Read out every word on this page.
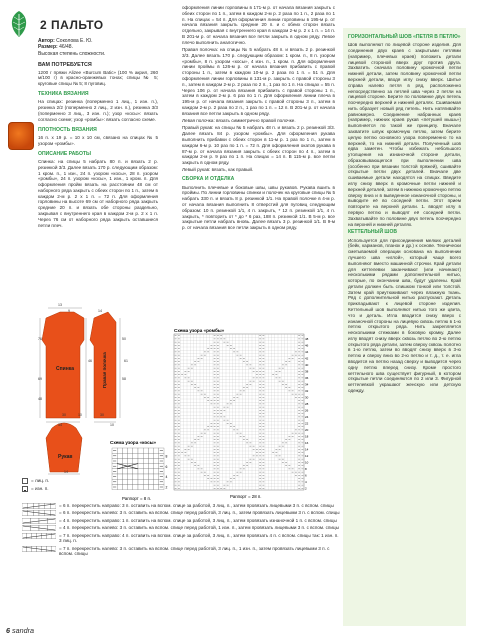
2 ПАЛЬТО
Автор: Соколова Е. Ю.
Размер: 46/48.
Высокая степень сложности.
ВАМ ПОТРЕБУЕТСЯ

1200 г пряжи Alizee «Burcum Batic» (100 % акрил, 260 м/100 г) в красно-оранжевых тонах; спицы № 5; круговые спицы № 5; 8 пуговиц.

ТЕХНИКА ВЯЗАНИЯ

На спицах: резинка (поперменно 1 лиц., 1 изн. п.), резинка 2/2 (поперменно 2 лиц., 2 изн. п.), резинка 3/3 (поперменно 3 лиц., 3 изн. п.); узор «косы»: вязать согласно схеме; узор «ромбы»: вязать согласно схеме.

ПЛОТНОСТЬ ВЯЗАНИЯ

16 п. х 19 р. = 10 х 10 см, связано на спицах № 5 узором «ромбы».

ОПИСАНИЕ РАБОТЫ

Спинка: на спицы 5 набрать 80 п. и вязать 2 р. резинкой 3/3. Далее вязать 170 р. следующим образом: 1 кром. п., 1 изн., 24 п. узором «косы», 28 п. узором «ромбы», 24 п. узором «косы», 1 изн., 1 кром. п. Для оформления пройм вязать на расстоянии 48 см от наборного ряда закрыть с обеих сторон по 1 п., затем в каждом 2-м р. 2 х 1 п. = 72 п. Для оформления горловины на высоте 69 см от наборного ряда закрыть средние 20 п. и вязать обе стороны раздельно, закрывая с внутреннего края в каждом 2-м р. 2 х 1 п. Через 76 см от наборного ряда закрыть оставшиеся петли плеч.

оформления линии горловины в 171-м р. от начала вязания закрыть с обеих сторон по 1 п., затем в каждом 2-м р. 2 раза по 1 п., 2 раза по 1 п. На спицах = 54 п. Для оформления линии горловины в 195-м р. от начала вязания закрыть средние 20 п. и с обеих сторон вязать отдельно, закрывая с внутреннего края в каждом 2-м р. 2 х 1 п. = 14 п. В 201-м р. от начала вязания все петли закрыть в одном ряду. Левое плечо выполнить аналогично.

Правая полочка: на спицы № 5 набрать 48 п. и вязать 2 р. резинкой 3/3. Далее вязать 170 р. следующим образом: 1 кром. п., 8 п. узором «ромбы», 8 п. узором «косы», 4 изн. п., 1 кром. п. Для оформления линии проймы в 126-м р. от начала вязания прибавить с правой стороны 1 п., затем в каждом 10-м р. 2 раза по 1 п. = 51 п. Для оформления линии горловины в 131-м р. закрыть с правой стороны 3 п., затем в каждом 2-м р. 2 раза по 2 п., 1 раз по 1 п. На спицах = 55 п. Через 106 р. от начала вязания прибавить с правой стороны 1 п., затем в каждом 2-м р. 6 раз по 1 п. Для оформления линии плеча в 195-м р. от начала вязания закрыть с правой стороны 3 п., затем в каждом 2-м р. 2 раза по 2 п., 1 раз по 1 п. = 12 п. В 201-м р. от начала вязания все петли закрыть в одном ряду.

Левая полочка: вязать симметрично правой полочке.

Правый рукав: на спицы № 5 набрать 48 п. и вязать 2 р. резинкой 3/3. Далее вязать 84 р. узором «ромбы». Для оформления рукава выполнить прибавки с обеих сторон в 11-м р. 1 раз по 1 п., затем в каждом 6-м р. 10 раз по 1 п. = 72 п. Для оформления окатов рукава в 87-м р. от начала вязания закрыть с обеих сторон по 4 п., затем в каждом 2-м р. 9 раз по 1 п. На спицах = 14 п. В 115-м р. все петли закрыть в одном ряду.

Левый рукав: вязать, как правый.

СБОРКА И ОТДЕЛКА

Выполнить плечевые и боковые швы, швы рукавов. Рукава вшить в проймы. По линии горловины спинки и полочек на круговые спицы № 5 набрать 330 п. и вязать 8 р. резинкой 1/1. На правой полочке в 4-м р. от начала вязания выполнить 8 отверстий для пуговиц следующим образом: 10 п. резинкой 1/1, 4 п. закрыть, * 12 п. резинкой 1/1, 4 п. закрыть, * повторить от * до * 6 раз, 188 п. резинкой 1/1. В 5-м р. все закрытые петли набрать вновь. Далее вязать 3 р. резинкой 1/1. В 9-м р. от начала вязания все петли закрыть в одном ряду.

ГОРИЗОНТАЛЬНЫЙ ШОВ «ПЕТЛЯ В ПЕТЛЮ»

Шов выполняют по лицевой стороне изделия. Для соединения двух краев с закрытыми петлями (например, плечевых краев) положить детали лицевой стороной вверх друг против друга. Захватить сначала половину кромочной петли нижней детали, затем половину кромочной петли верхней детали, вводя иглу снизу вверх. Шитье справа налево петля в ряд, расположенно непосредственно за петлей шва через 2 петли на лицевой стороне. Берите по половинке двух петель поочередно верхней и нижней деталях. Сшиваемая нить образует новый ряд петель. Нить натягивайте равномерно. Соединение набранных краев (например, нижних краев рукав «петушей мышь») выполняется по такой же принципу. Вначале захватите шпуж кромочную петлю, затем берите целую петлю основного узора попеременно то на верхней, то на нижней детали. Полученный шов едва заметен. Чтобы избежать небольшого утолщения на изнаночной стороне детали, образовывающегося при выполнении шва (особенно при вязании толстой пряжей), сшивайте открытые петли двух деталей. Вначале две сшиваемые детали находятся на спицах. Введите иглу снизу вверх в кромочные петли нижней и верхней деталей, затем в нижнюю кромочную петлю сверху вниз и в выведенное изнаночной стороны, и выводите её во соседней петли. Этот прием повторите на верхней детали. 1. вводят иглу в первую петлю и выводят её соседней петли. Захватывайте по половине двух петель поочередно на верхней и нижней деталях.

КЕТТЕЛЬНЫЙ ШОВ

Используется для присоединения мелких деталей (бейк, карманов, планок и др.) к основе. Технически сметываемой операции основана на выполнении лучшего шва «иглой», который чаще всего выполняют вместо машинной строчки. Край детали для кеттелевки заканчивают (или начинают) несколькими рядами дополнительной нитью, которые, по окончании шва, будут удалены. Край детали должен быть слишком тонкой или толстой. Затем край приутюживают через влажную ткань. Ряд с дополнительной нитью распускают. Деталь прикладывают к лицевой стороне изделия. Кеттельный шов выполняют нитью того же цвета, что и деталь. Игла вводится снизу вверх с изнаночной стороны на лицевую сквозь петлю в 1-ю петлю открытого ряда. Нить закрепляется несколькими стежками в боковую кромку. Далее иглу вводят снизу вверх сквозь петлю во 2-ю петлю открытого ряда детали, затем сверху сквозь полотно в 1-ю петлю, затем во вводят снизу вверх в 3-ю петлю и сверху вниз во 2-ю петлю и т. д., т. е. игла вводится на петлю назад сверху и выводится через одну петлю вперед снизу. Кроме простого кеттельного шва существует фигурный, в котором открытые петли соединяются по 2 или 3. Фигурной кеттелевкой украшают женскую или детскую одежду.

Спинка	Правая полочка
Рукав
76
69
48
50
58
13
9	14
34	10
30	10	30
46	61
14
Схема узора «косы»
8
6
4
2
Раппорт = 8 п.
Схема узора «ромбы»
48
46
44
42
40
38
36
34
32
30
28
26
24
22
20
18
16
14
12
10
8
6
4
2
Раппорт = 28 п.
= лиц. п.
= изн. п.
= 6 п. перекрестить направо: 3 п. оставить на вспом. спице за работой, 3 лиц. п., затем провязать лицевыми 3 п. с вспом. спицы
= 6 п. перекрестить налево: 3 п. оставить на вспом. спице перед работой, 3 лиц. п., затем провязать лицевыми 3 п. с вспом. спицы
= 4 п. перекрестить направо: 1 п. оставить на вспом. спице за работой, 3 лиц. п., затем провязать изнаночной 1 п. с вспом. спицы
= 4 п. перекрестить налево: 3 п. оставить на вспом. спице перед работой, 1 изн. п., затем провязать лицевыми 3 п. с вспом. спицы
= 7 п. перекрестить направо: 4 п. оставить на вспом. спице за работой, 3 лиц. п., затем провязать 4 п. с вспом. спицы так: 1 изн. п. 3 лиц. п.
= 7 п. перекрестить налево: 3 п. оставить на вспом. спице перед работой, 3 лиц. п., 1 изн. п., затем провязать лицевыми 3 п. с вспом. спицы
6 sandra
